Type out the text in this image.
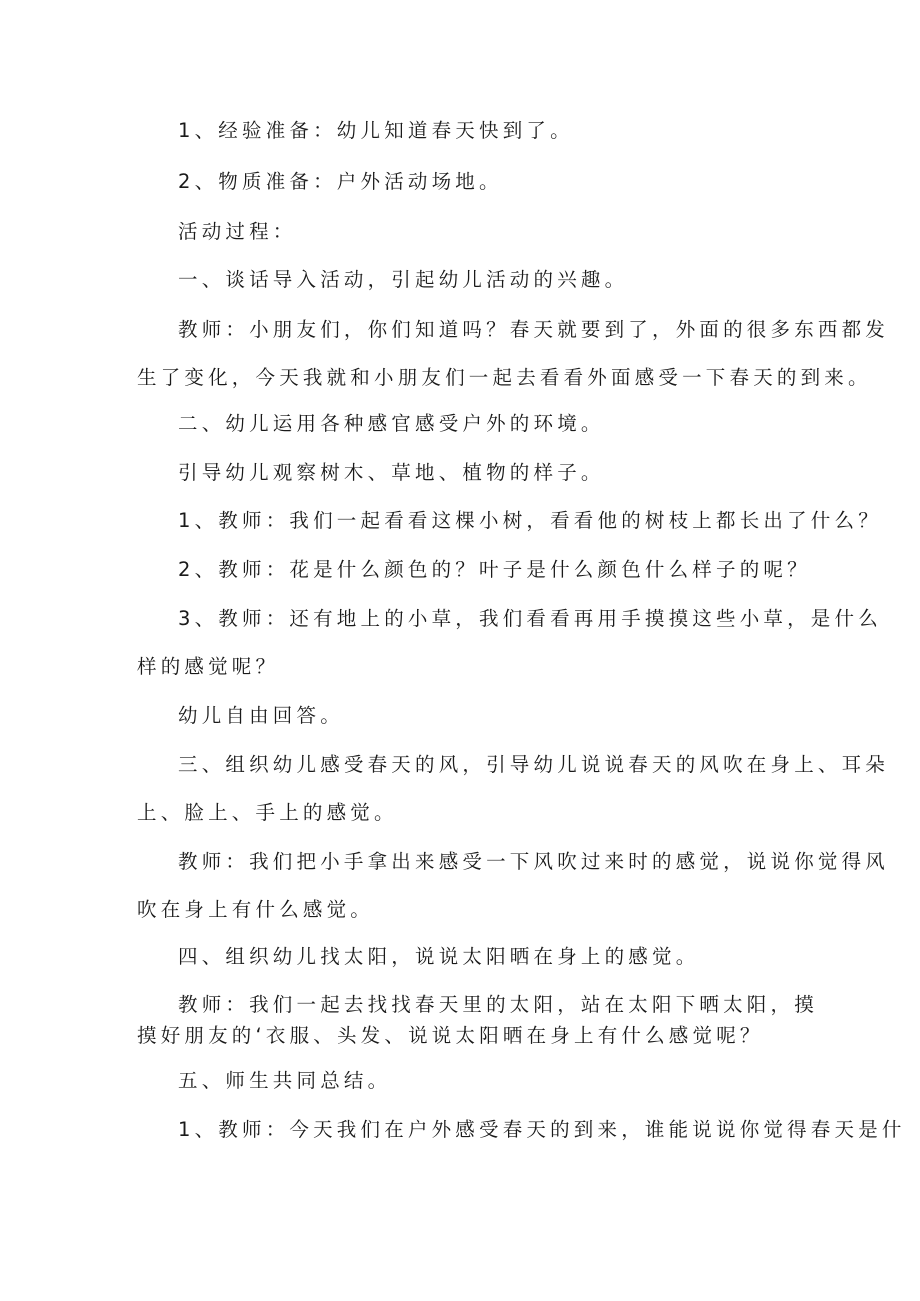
1、经验准备：幼儿知道春天快到了。
2、物质准备：户外活动场地。
活动过程：
一、谈话导入活动，引起幼儿活动的兴趣。
教师：小朋友们，你们知道吗？春天就要到了，外面的很多东西都发
生了变化，今天我就和小朋友们一起去看看外面感受一下春天的到来。
二、幼儿运用各种感官感受户外的环境。
引导幼儿观察树木、草地、植物的样子。
1、教师：我们一起看看这棵小树，看看他的树枝上都长出了什么？
2、教师：花是什么颜色的？叶子是什么颜色什么样子的呢？
3、教师：还有地上的小草，我们看看再用手摸摸这些小草，是什么
样的感觉呢？
幼儿自由回答。
三、组织幼儿感受春天的风，引导幼儿说说春天的风吹在身上、耳朵
上、脸上、手上的感觉。
教师：我们把小手拿出来感受一下风吹过来时的感觉，说说你觉得风
吹在身上有什么感觉。
四、组织幼儿找太阳，说说太阳晒在身上的感觉。
教师：我们一起去找找春天里的太阳，站在太阳下晒太阳，摸
摸好朋友的‘衣服、头发、说说太阳晒在身上有什么感觉呢？
五、师生共同总结。
1、教师：今天我们在户外感受春天的到来，谁能说说你觉得春天是什
